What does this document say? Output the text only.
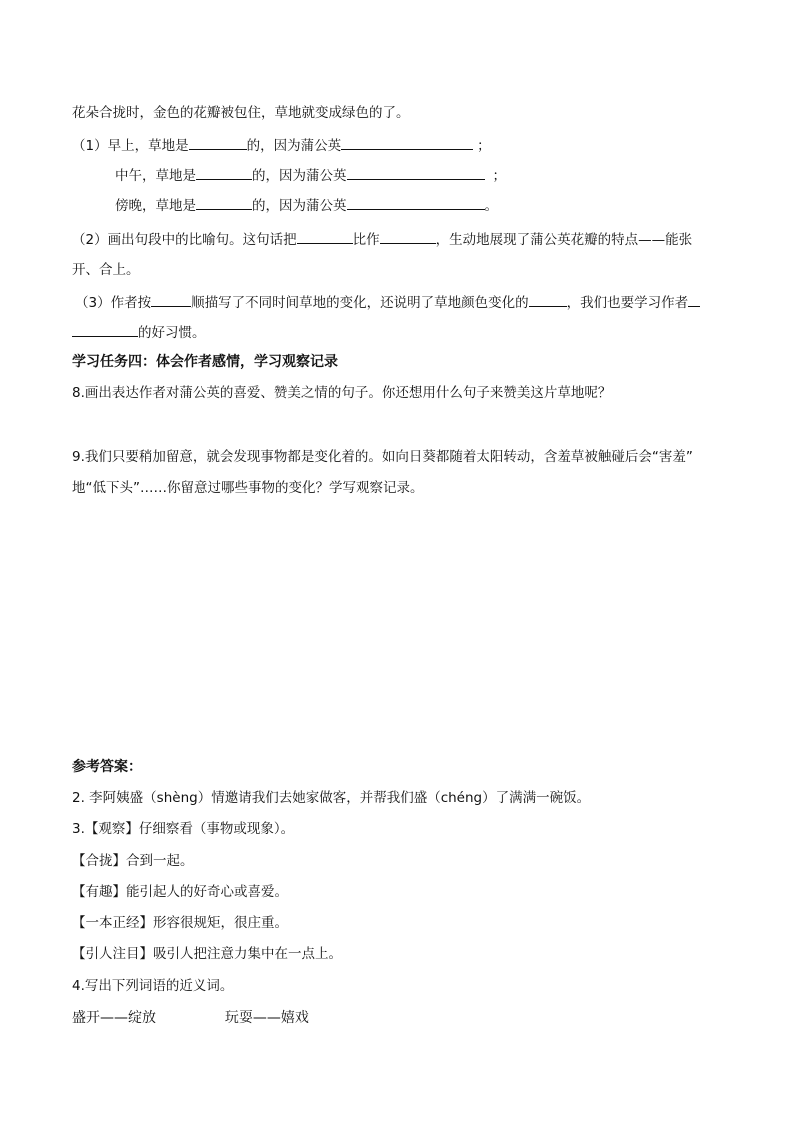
花朵合拢时，金色的花瓣被包住，草地就变成绿色的了。
（1）早上，草地是	的，因为蒲公英	；
中午，草地是	的，因为蒲公英	；
傍晚，草地是	的，因为蒲公英	。
（2）画出句段中的比喻句。这句话把	比作	，生动地展现了蒲公英花瓣的特点——能张
开、合上。
（3）作者按	顺描写了不同时间草地的变化，还说明了草地颜色变化的	，我们也要学习作者
的好习惯。
学习任务四：体会作者感情，学习观察记录
8.画出表达作者对蒲公英的喜爱、赞美之情的句子。你还想用什么句子来赞美这片草地呢？
9.我们只要稍加留意，就会发现事物都是变化着的。如向日葵都随着太阳转动，含羞草被触碰后会“害羞”
地“低下头”……你留意过哪些事物的变化？学写观察记录。
参考答案：
2. 李阿姨盛（shèng）情邀请我们去她家做客，并帮我们盛（chéng）了满满一碗饭。
3.【观察】仔细察看（事物或现象）。
【合拢】合到一起。
【有趣】能引起人的好奇心或喜爱。
【一本正经】形容很规矩，很庄重。
【引人注目】吸引人把注意力集中在一点上。
4.写出下列词语的近义词。
盛开——绽放	玩耍——嬉戏
